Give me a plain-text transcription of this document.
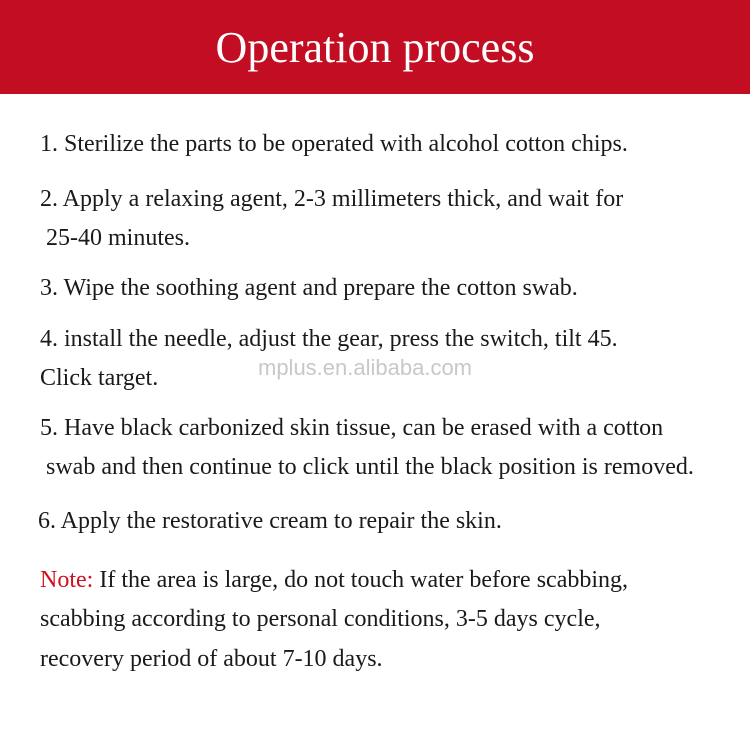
Operation process
1. Sterilize the parts to be operated with alcohol cotton chips.
2. Apply a relaxing agent, 2-3 millimeters thick, and wait for
25-40 minutes.
3. Wipe the soothing agent and prepare the cotton swab.
4. install the needle, adjust the gear, press the switch, tilt 45.
Click target.	mplus.en.alibaba.com
5. Have black carbonized skin tissue, can be erased with a cotton
swab and then continue to click until the black position is removed.
6. Apply the restorative cream to repair the skin.
Note: If the area is large, do not touch water before scabbing,
scabbing according to personal conditions, 3-5 days cycle,
recovery period of about 7-10 days.
